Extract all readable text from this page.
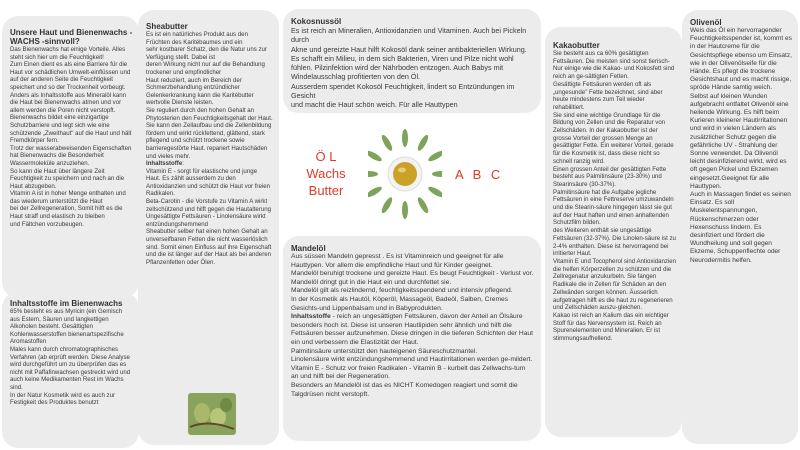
Unsere Haut und Bienenwachs - WACHS -sinnvoll?

Das Bienenwachs hat einige Vorteile. Alles steht sich hier um die Feuchtigkeit!
Zum Einen dient es als eine Barriere für die Haut vor schädlichen Umwelt-einflüssen und auf der anderen Seite die Feuchtigkeit speichert und so der Trockenheit vorbeugt.
Anders als Inhaltsstoffe aus Mineralöl kann die Haut bei Bienenwachs atmen und vor allem werden die Poren nicht verstopft.
Bienenwachs bildet eine einzigartige Schutzbarriere und legt sich wie eine schützende „Zweithaut" auf die Haut und hält Fremdkörper fern.
Trotz der wasserabweisenden Eigenschaften hat Bienenwachs die Besonderheit Wassermoleküle anzuziehen.
So kann die Haut über längere Zeit Feuchtigkeit zu speichern und nach an die Haut abzugeben.
Vitamin A ist in hoher Menge enthalten und das wiederum unterstützt die Haut
bei der Zellregeneration, Somit hilft es die Haut straff und elastisch zu bleiben
und Fältchen vorzubeugen.

Inhaltsstoffe im Bienenwachs

65% besteht es aus Myricin (ein Gemisch aus Estern, Säuren und langkettigen Alkoholen besteht. Gesättigten Kohlenwasserstoffen bienenartspezifische Aromastoffen
Males kann durch chromatographisches Verfahren (ab erprüft werden. Diese Analyse wird durchgeführt um zu überprüfen das es nicht mit Paffafinwachsen gestreckt wird und auch keine Medikamenten Rest im Wachs sind.
In der Natur Kosmetik wird es auch zur Festigkeit des Produktes benutzt

Sheabutter

Es ist ein natürliches Produkt aus den Früchten des Karitébaumes und ein
sehr kostbarer Schatz, den die Natur uns zur Verfügung stellt. Dabei ist
deren Wirkung nicht nur auf die Behandlung trockener und empfindlicher
Haut reduziert, auch im Bereich der Schmerzbehandlung entzündlicher
Gelenkerkrankung kann die Karitébutter wertvolle Dienste leisten.
Sie reguliert durch den hohen Gehalt an Phytosterien den Feuchtigkeitsgehalt der Haut. Sie kann den Zellaufbau und die Zellenbildung fördern und wirkt rückfettend, glättend, stark pflegend und schützt trockene sowie barrieregestörte Haut. repariert Hautschäden und vieles mehr.

Inhaltsstoffe:
Vitamin E - sorgt für elastische und junge Haut. Es zählt ausserdem zu den Antioxidanzien und schützt die Haut vor freien Radikalen.
Beta-Carotin - die Vorstufe zu Vitamin A wirkt zellschützend und hilft gegen die Hautalterung
Ungesättigte Fettsäuren - Linolensäure wirkt entzündungshemmend
Sheabutter selber hat einen hohen Gehalt an unverseifbaren Fetten die nicht wasserlöslich sind. Somit einen Einfluss auf ihre Eigenschaft und die ist länger auf der Haut als bei anderen Pflanzenfetten oder Ölen.

Kokosnussöl

Es ist reich an Mineralien, Antioxidanzien und Vitaminen. Auch bei Pickeln durch
Akne und gereizte Haut hilft Kokosöl dank seiner antibakteriellen Wirkung. Es schafft ein Milieu, in dem sich Bakterien, Viren und Pilze nicht wohl fühlen. Pilzinfektion wird der Nährboden entzogen. Auch Babys mit Windelausschlag profitierten von den Öl.
Ausserdem spendet Kokosöl Feuchtigkeit, lindert so Entzündungen im Gesicht
und macht die Haut schön weich. Für alle Hauttypen

Mandelöl

Aus süssen Mandeln gepresst . Es ist Vitaminreich und geeignet für alle Hauttypen. Vor allem die empfindliche Haut und für Kinder geeignet.
Mandelöl beruhigt trockene und gereizte Haut. Es beugt Feuchtigkeit - Verlust vor. Mandelöl dringt gut in die Haut ein und durchfettet sie.
Mandelöl gilt als reizlindernd, feuchtigkeitsspendend und intensiv pflegend.
In der Kosmetik als Hautöl, Köperöl, Massageöl, Badeöl, Salben, Cremes Gesichts-und Lippenbalsam und in Babyprodukten.

Inhaltsstoffe - reich an ungesättigten Fettsäuren, davon der Anteil an Ölsäure besonders hoch ist. Diese ist unseren Hautlipiden sehr ähnlich und hilft die Fettsäuren besser aufzunehmen. Diese dringen in die tieferen Schichten der Haut ein und verbessern die Elastizität der Haut.
Palmitinsäure unterstützt den hauteigenen Säureschutzmantel.
Linolensäure wirkt entzündungshemmend und Hautirritationen werden ge-mildert.
Vitamin E - Schutz vor freien Radikalen - Vitamin B - kurbelt das Zellwachs-tum an und hilft bei der Regeneration.
Besonders an Mandelöl ist das es NICHT Komedogen reagiert und somit die Talgdrüsen nicht verstopft.

Kakaobutter

Sie besteht aus ca 60% gesättigten Fettsäuren. Die meisten sind sonst tierisch- Nur einige wie die Kakao- und Kokosfett sind reich an ge-sättigten Fetten.
Gesättigte Fettsäuren werden oft als „ungesunde" Fette bezeichnet, sind aber heute mindestens zum Teil wieder rehabilitiert.
Sie sind eine wichtige Grundlage für die Bildung von Zellen und die Reparatur von Zellschäden. In der Kakaobutter ist der grosse Vorteil der grossen Menge an gesättigter Fette. Ein weiterer Vorteil, gerade für die Kosmetik ist, dass diese nicht so schnell ranzig wird.
Einen grossen Anteil der gesättigten Fette besteht aus Palmitinsäure (23-30%) und Stearinsäure (30-37%).
Palmitinsäure hat die Aufgabe jegliche Fettsäuren in eine Fettreserve umzuwandeln und die Stearin-säure hingegen lässt sie gut auf der Haut haften und einen anhaltenden Schutzfilm bilden.
des Weiteren enthält sie ungesättige Fettsäuren (32-37%). Die Linolen-säure ist zu 2-4% enthalten. Diese ist hervorragend bei irritierter Haut.
Vitamin E und Tocopherol sind Antioxidanzien die helfen Körperzellen zu schützen und die Zellregenatur anzukurbeln. Sie fangen Radikale die in Zellen für Schäden an den Zellwänden sorgen können. Äusserlich aufgetragen hilft es die haut zu regenerieren und Zellschäden auszu-gleichen.
Kakao ist reich an Kalium das ein wichtiger Stoff für das Nervensystem ist. Reich an Spurenelementen und Mineralien. Er ist stimmungsaufhellend.

Olivenöl

Weis das Öl ein hervorragender Feuchtigkeitsspender ist, kommt es in der Hautcreme für die Gesichtspflege ebenso um Einsatz, wie in der Olivenölseife für die Hände. Es pflegt die trockene Gesichtshaut und es macht rissige, spröde Hände samtig weich.
Selbst auf kleinen Wunden aufgebracht entfaltet Olivenöl eine heilende Wirkung. Es hilft beim Kurieren kleinerer Hautirritationen und wird in vielen Ländern als zusätzlicher Schutz gegen die gefährliche UV - Strahlung der Sonne verwendet. Da Olivenöl leicht desinfizierend wirkt, wird es oft gegen Pickel und Ekzemen eingesetzt.Geeignet für alle Hauttypen.
Auch in Massagen findet es seinen Einsatz. Es soll Muskelentspannungen, Rückenschmerzen oder Hexenschuss lindern. Es desinfiziert und fördert die Wundheilung und soll gegen Ekzeme, Schuppenflechte oder Neurodermitis helfen.

Ö L
Wachs
Butter
A B C
